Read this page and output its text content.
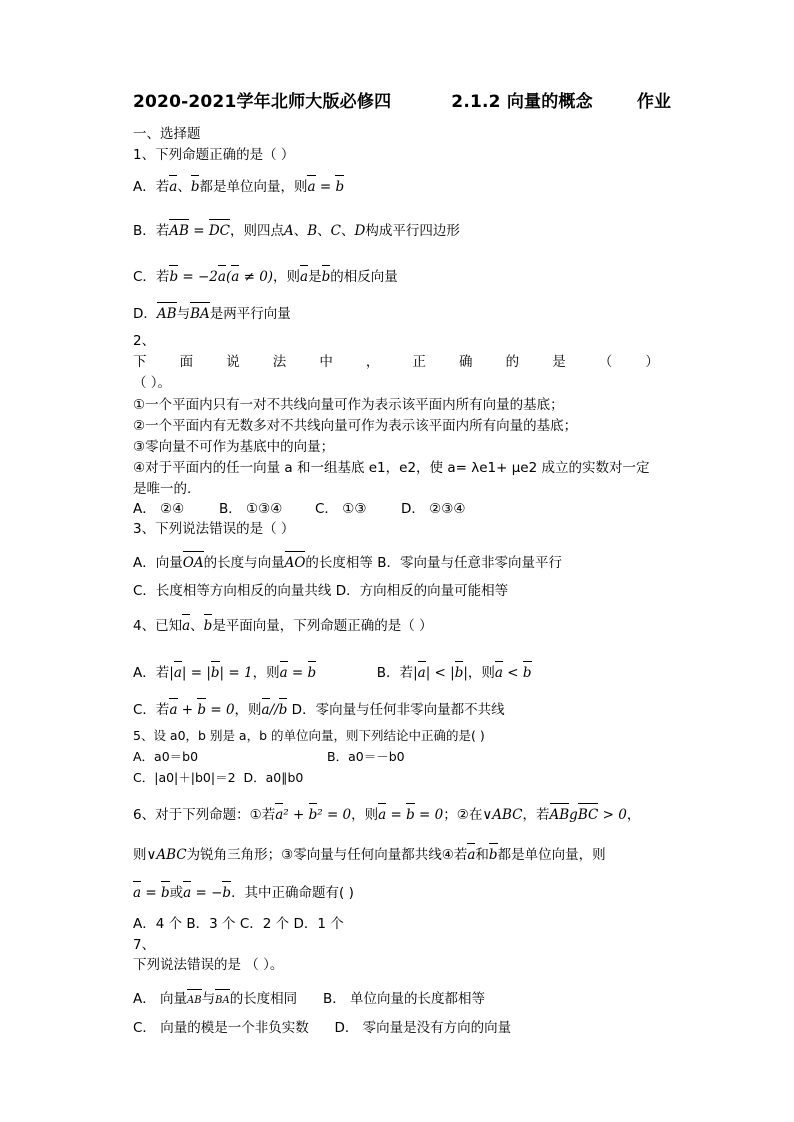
2020-2021学年北师大版必修四	2.1.2 向量的概念	作业
一、选择题
1、下列命题正确的是（ ）
A．若a、b都是单位向量，则a = b
B．若AB = DC，则四点A、B、C、D构成平行四边形
C．若b = −2a(a ≠ 0)，则a是b的相反向量
D．AB与BA是两平行向量
2、
下 面 说 法 中 ， 正 确 的 是 （ ）
（ ）。
①一个平面内只有一对不共线向量可作为表示该平面内所有向量的基底；
②一个平面内有无数多对不共线向量可作为表示该平面内所有向量的基底；
③零向量不可作为基底中的向量；
④对于平面内的任一向量 a 和一组基底 e1，e2，使 a= λe1+ μe2 成立的实数对一定
是唯一的.
A． ②④	B． ①③④ C． ①③	D． ②③④
3、下列说法错误的是（ ）
A．向量OA的长度与向量AO的长度相等 B．零向量与任意非零向量平行
C．长度相等方向相反的向量共线 D．方向相反的向量可能相等
4、已知a、b是平面向量，下列命题正确的是（ ）
A．若|a| = |b| = 1，则a = b	B．若|a| < |b|，则a < b
C．若a + b = 0，则a//b D．零向量与任何非零向量都不共线
5、设 a0，b 别是 a，b 的单位向量，则下列结论中正确的是( )
A．a0＝b0	B．a0＝－b0
C．|a0|＋|b0|＝2 D．a0∥b0
6、对于下列命题：①若a² + b² = 0，则a = b = 0；②在∨ABC，若ABgBC > 0，
则∨ABC为锐角三角形；③零向量与任何向量都共线④若a和b都是单位向量，则
a = b或a = −b．其中正确命题有( )
A．4 个 B．3 个 C．2 个 D．1 个
7、
下列说法错误的是 （ ）。
A． 向量AB与BA的长度相同 B． 单位向量的长度都相等
C． 向量的模是一个非负实数 D． 零向量是没有方向的向量
